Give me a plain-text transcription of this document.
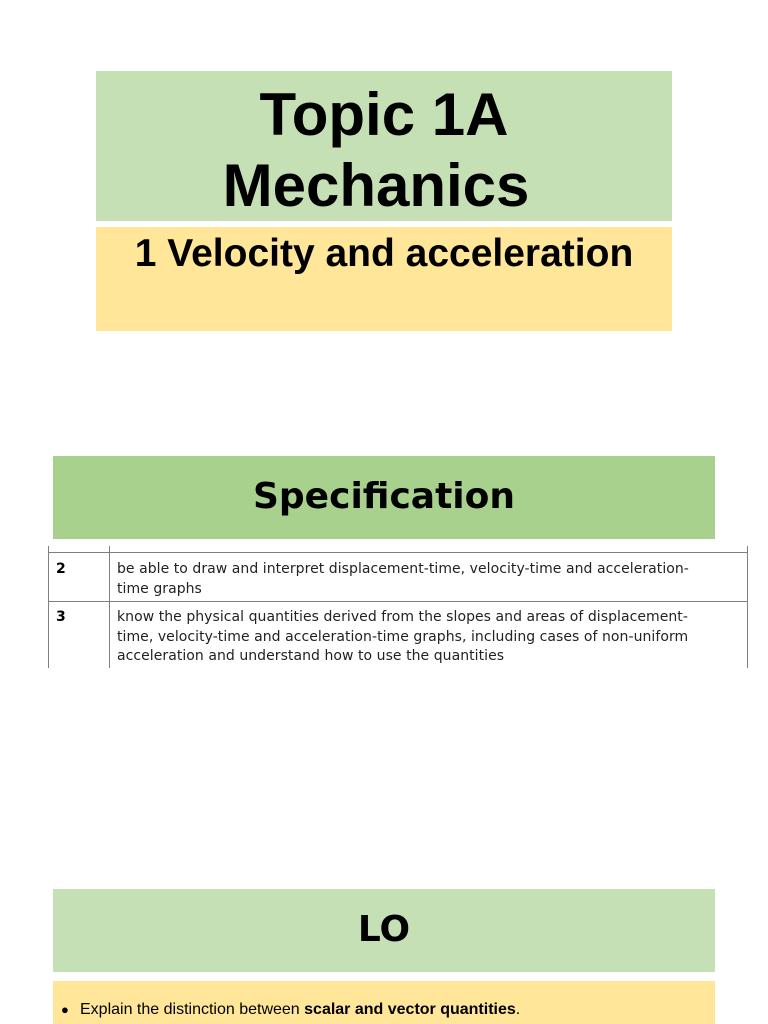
Topic 1A
Mechanics
1 Velocity and acceleration
Specification
2	be able to draw and interpret displacement-time, velocity-time and acceleration-
time graphs
3	know the physical quantities derived from the slopes and areas of displacement-
time, velocity-time and acceleration-time graphs, including cases of non-uniform
acceleration and understand how to use the quantities
LO
● Explain the distinction between scalar and vector quantities.
